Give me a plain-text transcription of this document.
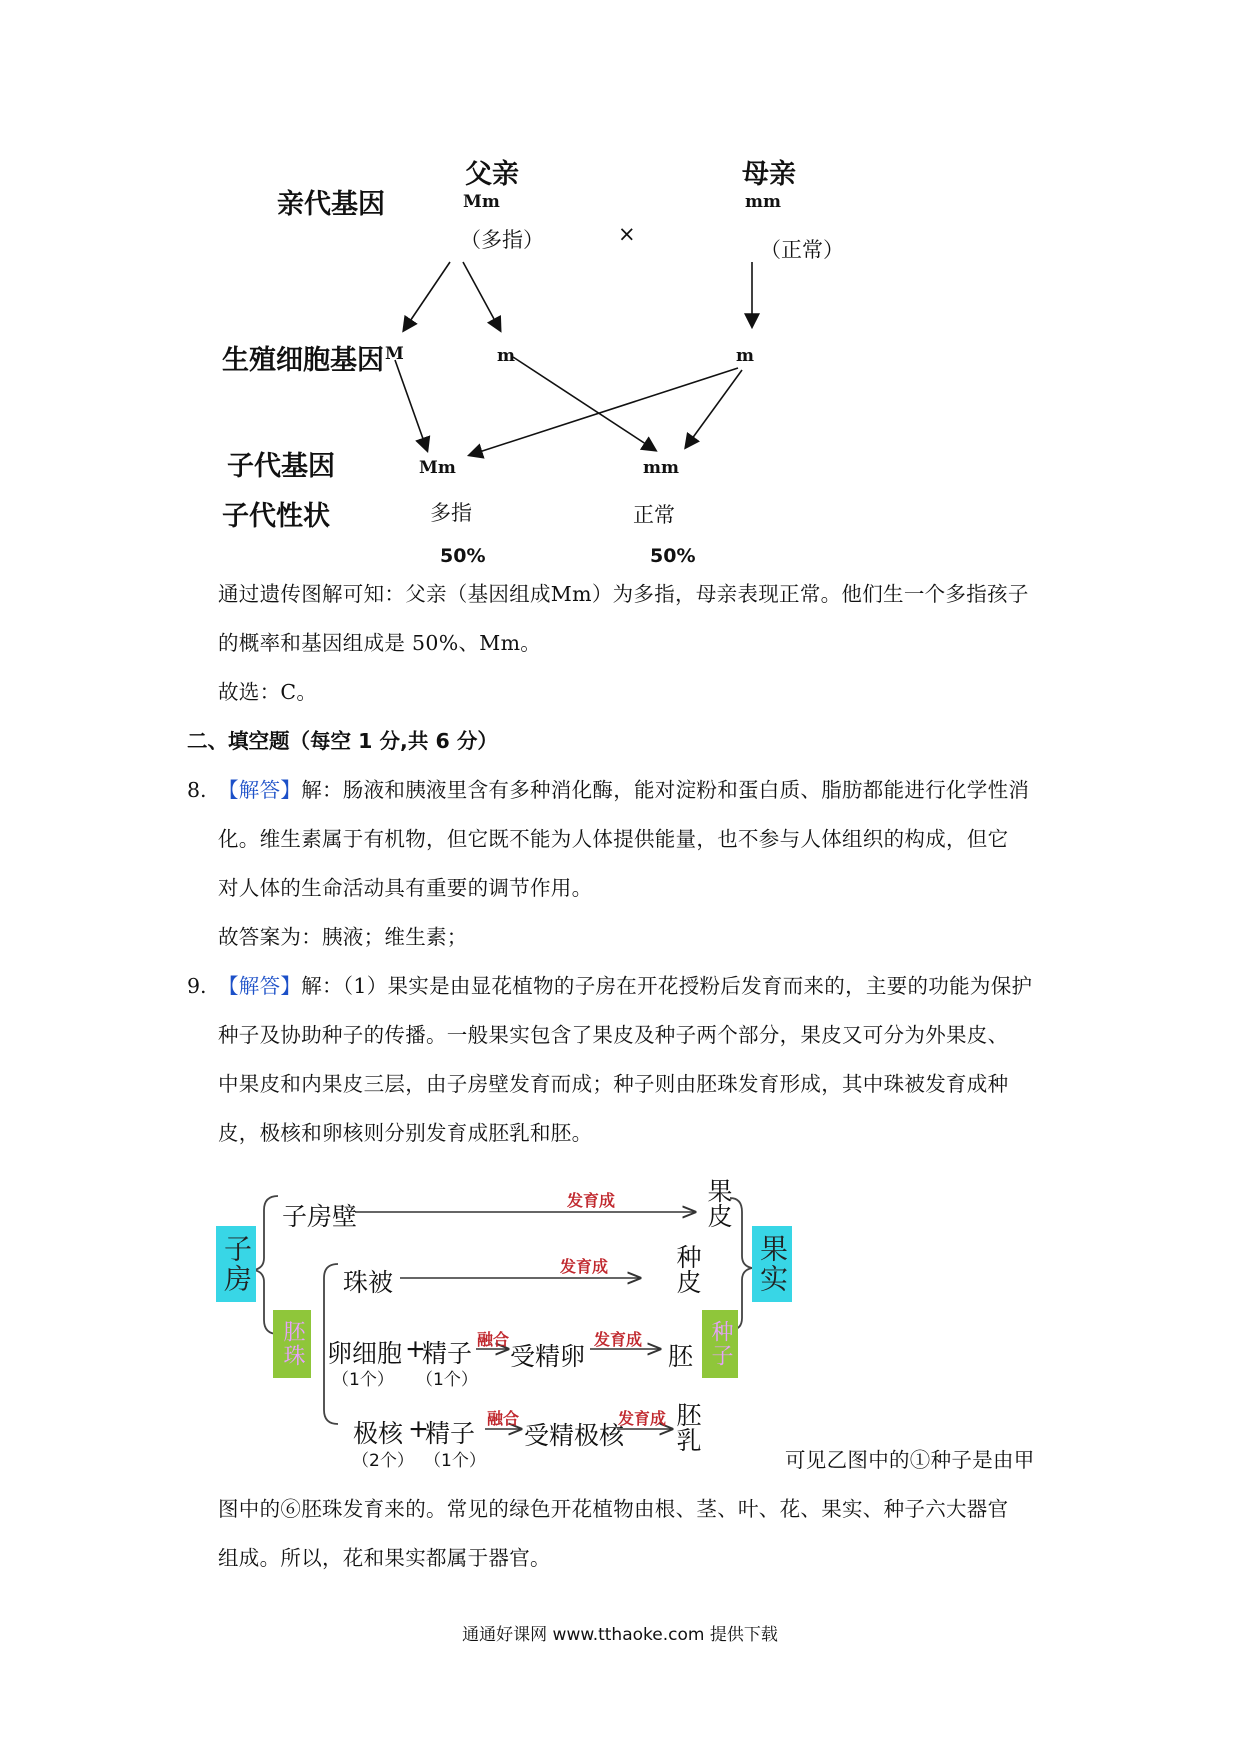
父亲	母亲
亲代基因	Mm	mm
（多指）	×
（正常）
生殖细胞基因 M	m	m
子代基因	Mm	mm
子代性状	多指	正常
50%	50%
通过遗传图解可知：父亲（基因组成Mm）为多指，母亲表现正常。他们生一个多指孩子
的概率和基因组成是 50%、Mm。
故选：C。
二、填空题（每空 1 分,共 6 分）
8. 【解答】解：肠液和胰液里含有多种消化酶，能对淀粉和蛋白质、脂肪都能进行化学性消
化。维生素属于有机物，但它既不能为人体提供能量，也不参与人体组织的构成，但它
对人体的生命活动具有重要的调节作用。
故答案为：胰液；维生素；
9. 【解答】解：（1）果实是由显花植物的子房在开花授粉后发育而来的，主要的功能为保护
种子及协助种子的传播。一般果实包含了果皮及种子两个部分，果皮又可分为外果皮、
中果皮和内果皮三层，由子房壁发育而成；种子则由胚珠发育形成，其中珠被发育成种
皮，极核和卵核则分别发育成胚乳和胚。
子房	果实
胚珠	种子
子房壁
发育成	果皮
珠被
发育成	种皮
卵细胞 +
精子 融合
受精卵
发育成
胚
（1个） （1个）
极核 +
精子
融合
受精极核
发育成 胚乳
（2个） （1个）	可见乙图中的①种子是由甲
图中的⑥胚珠发育来的。常见的绿色开花植物由根、茎、叶、花、果实、种子六大器官
组成。所以，花和果实都属于器官。
通通好课网 www.tthaoke.com 提供下载
